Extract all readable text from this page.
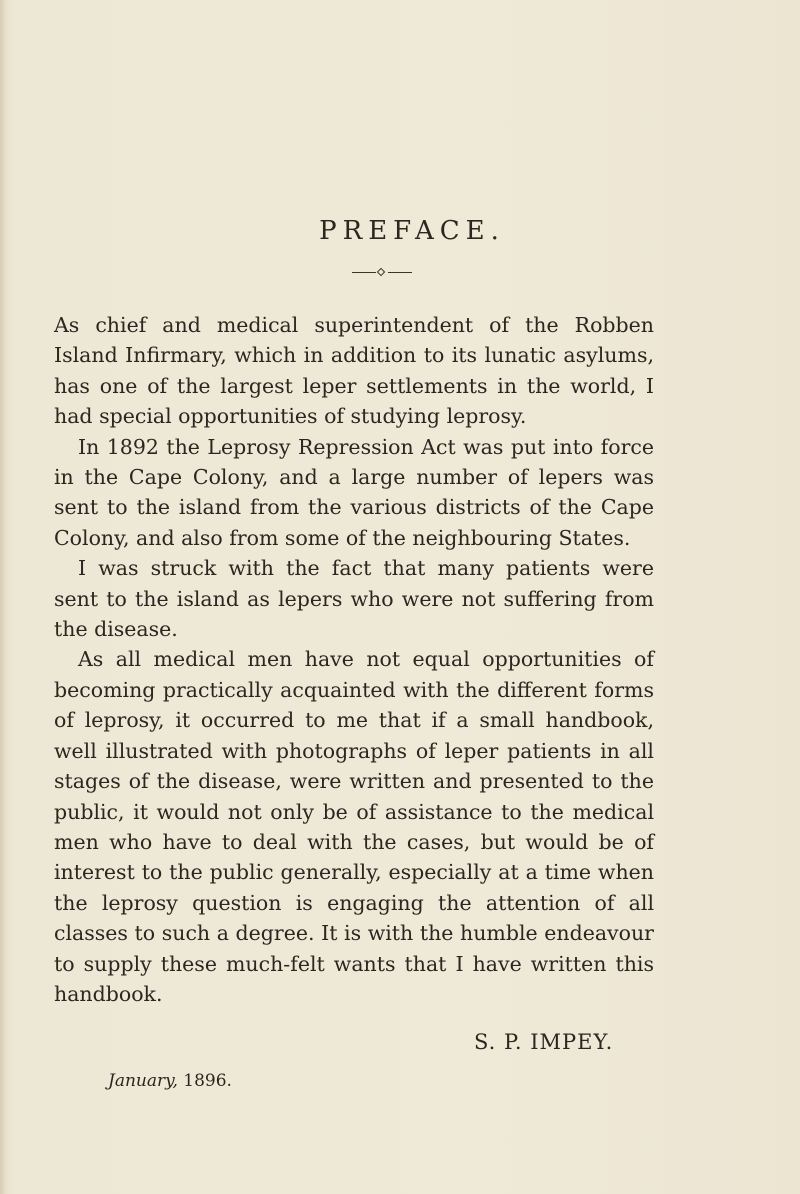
PREFACE.

As chief and medical superintendent of the Robben Island Infirmary, which in addition to its lunatic asylums, has one of the largest leper settlements in the world, I had special opportunities of studying leprosy.

In 1892 the Leprosy Repression Act was put into force in the Cape Colony, and a large number of lepers was sent to the island from the various districts of the Cape Colony, and also from some of the neighbouring States.

I was struck with the fact that many patients were sent to the island as lepers who were not suffering from the disease.

As all medical men have not equal opportunities of becoming practically acquainted with the different forms of leprosy, it occurred to me that if a small handbook, well illustrated with photographs of leper patients in all stages of the disease, were written and presented to the public, it would not only be of assistance to the medical men who have to deal with the cases, but would be of interest to the public generally, especially at a time when the leprosy question is engaging the attention of all classes to such a degree. It is with the humble endeavour to supply these much-felt wants that I have written this handbook.

S. P. IMPEY.
January, 1896.
